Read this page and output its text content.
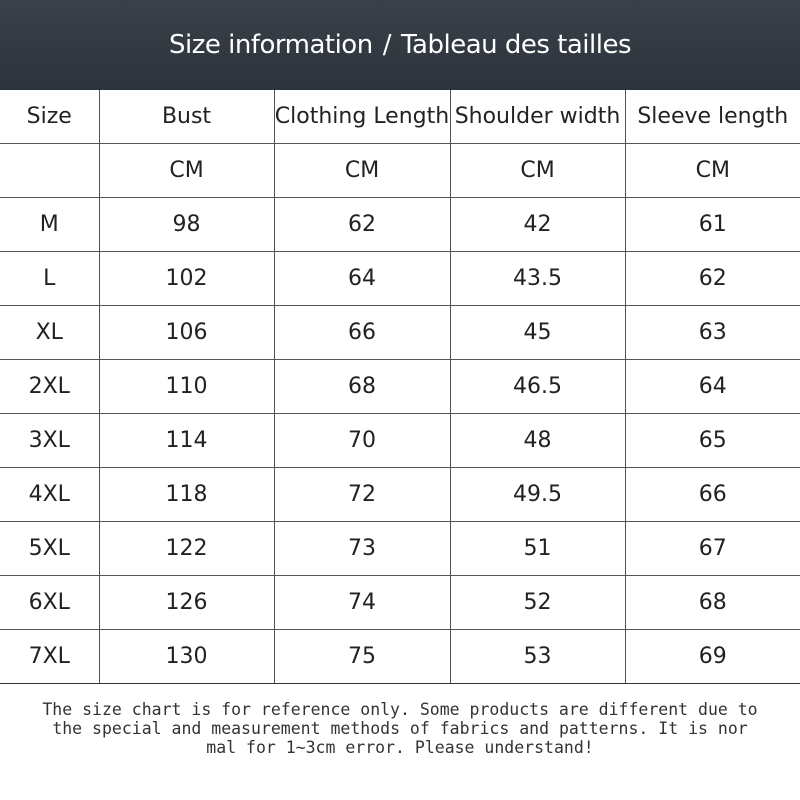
Size information / Tableau des tailles
Size	Bust	Clothing Length	Shoulder width	Sleeve length
	CM	CM	CM	CM
M	98	62	42	61
L	102	64	43.5	62
XL	106	66	45	63
2XL	110	68	46.5	64
3XL	114	70	48	65
4XL	118	72	49.5	66
5XL	122	73	51	67
6XL	126	74	52	68
7XL	130	75	53	69
The size chart is for reference only. Some products are different due to
the special and measurement methods of fabrics and patterns. It is nor
mal for 1~3cm error. Please understand!
